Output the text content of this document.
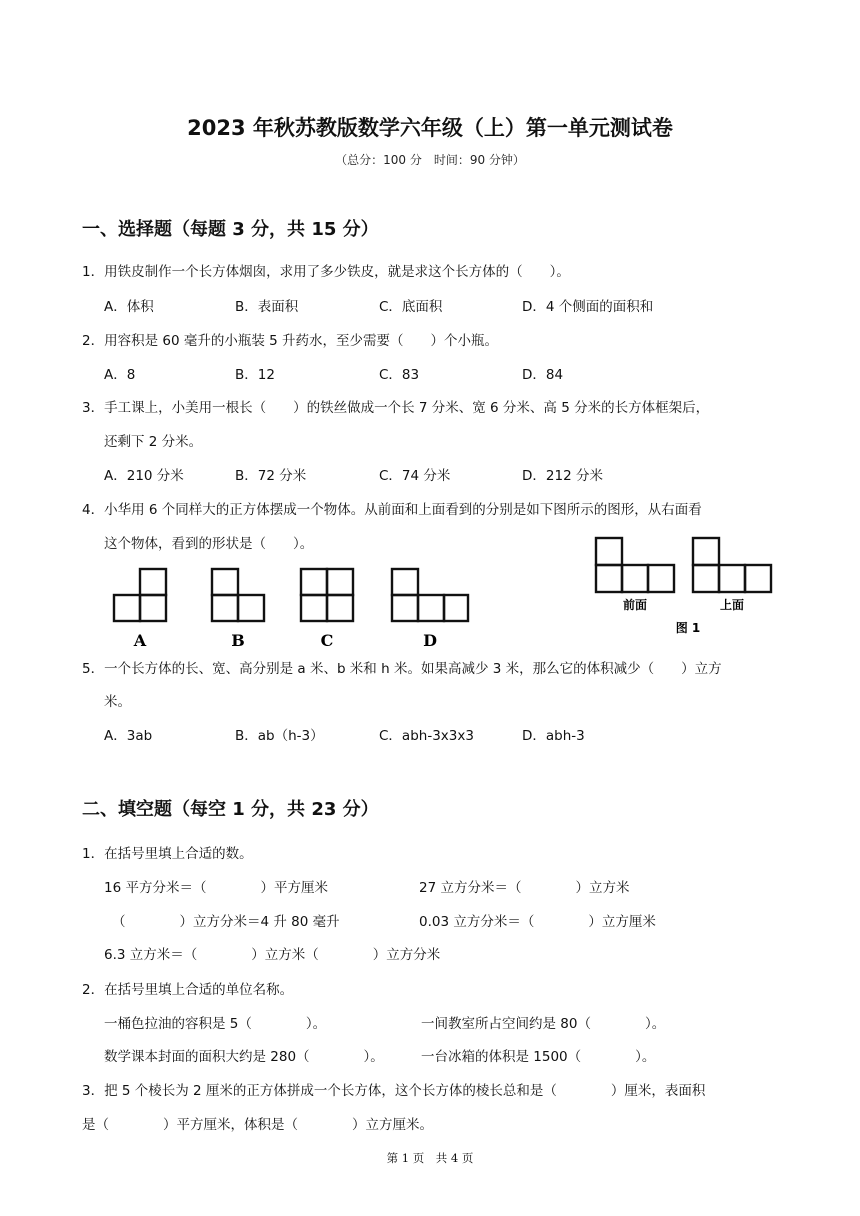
2023 年秋苏教版数学六年级（上）第一单元测试卷
（总分：100 分　时间：90 分钟）
一、选择题（每题 3 分，共 15 分）
1．用铁皮制作一个长方体烟囱，求用了多少铁皮，就是求这个长方体的（　　）。
A．体积	B．表面积	C．底面积	D．4 个侧面的面积和
2．用容积是 60 毫升的小瓶装 5 升药水，至少需要（　　）个小瓶。
A．8	B．12	C．83	D．84
3．手工课上，小美用一根长（　　）的铁丝做成一个长 7 分米、宽 6 分米、高 5 分米的长方体框架后，
还剩下 2 分米。
A．210 分米	B．72 分米	C．74 分米	D．212 分米
4．小华用 6 个同样大的正方体摆成一个物体。从前面和上面看到的分别是如下图所示的图形，从右面看
这个物体，看到的形状是（　　）。
A	B	C	D
前面	上面
图 1
5．一个长方体的长、宽、高分别是 a 米、b 米和 h 米。如果高减少 3 米，那么它的体积减少（　　）立方
米。
A．3ab	B．ab（h-3）	C．abh-3x3x3	D．abh-3
二、填空题（每空 1 分，共 23 分）
1．在括号里填上合适的数。
16 平方分米＝（　　　　）平方厘米	27 立方分米＝（　　　　）立方米
（　　　　）立方分米＝4 升 80 毫升	0.03 立方分米＝（　　　　）立方厘米
6.3 立方米＝（　　　　）立方米（　　　　）立方分米
2．在括号里填上合适的单位名称。
一桶色拉油的容积是 5（　　　　）。	一间教室所占空间约是 80（　　　　）。
数学课本封面的面积大约是 280（　　　　）。	一台冰箱的体积是 1500（　　　　）。
3．把 5 个棱长为 2 厘米的正方体拼成一个长方体，这个长方体的棱长总和是（　　　　）厘米，表面积
是（　　　　）平方厘米，体积是（　　　　）立方厘米。
第 1 页　共 4 页
